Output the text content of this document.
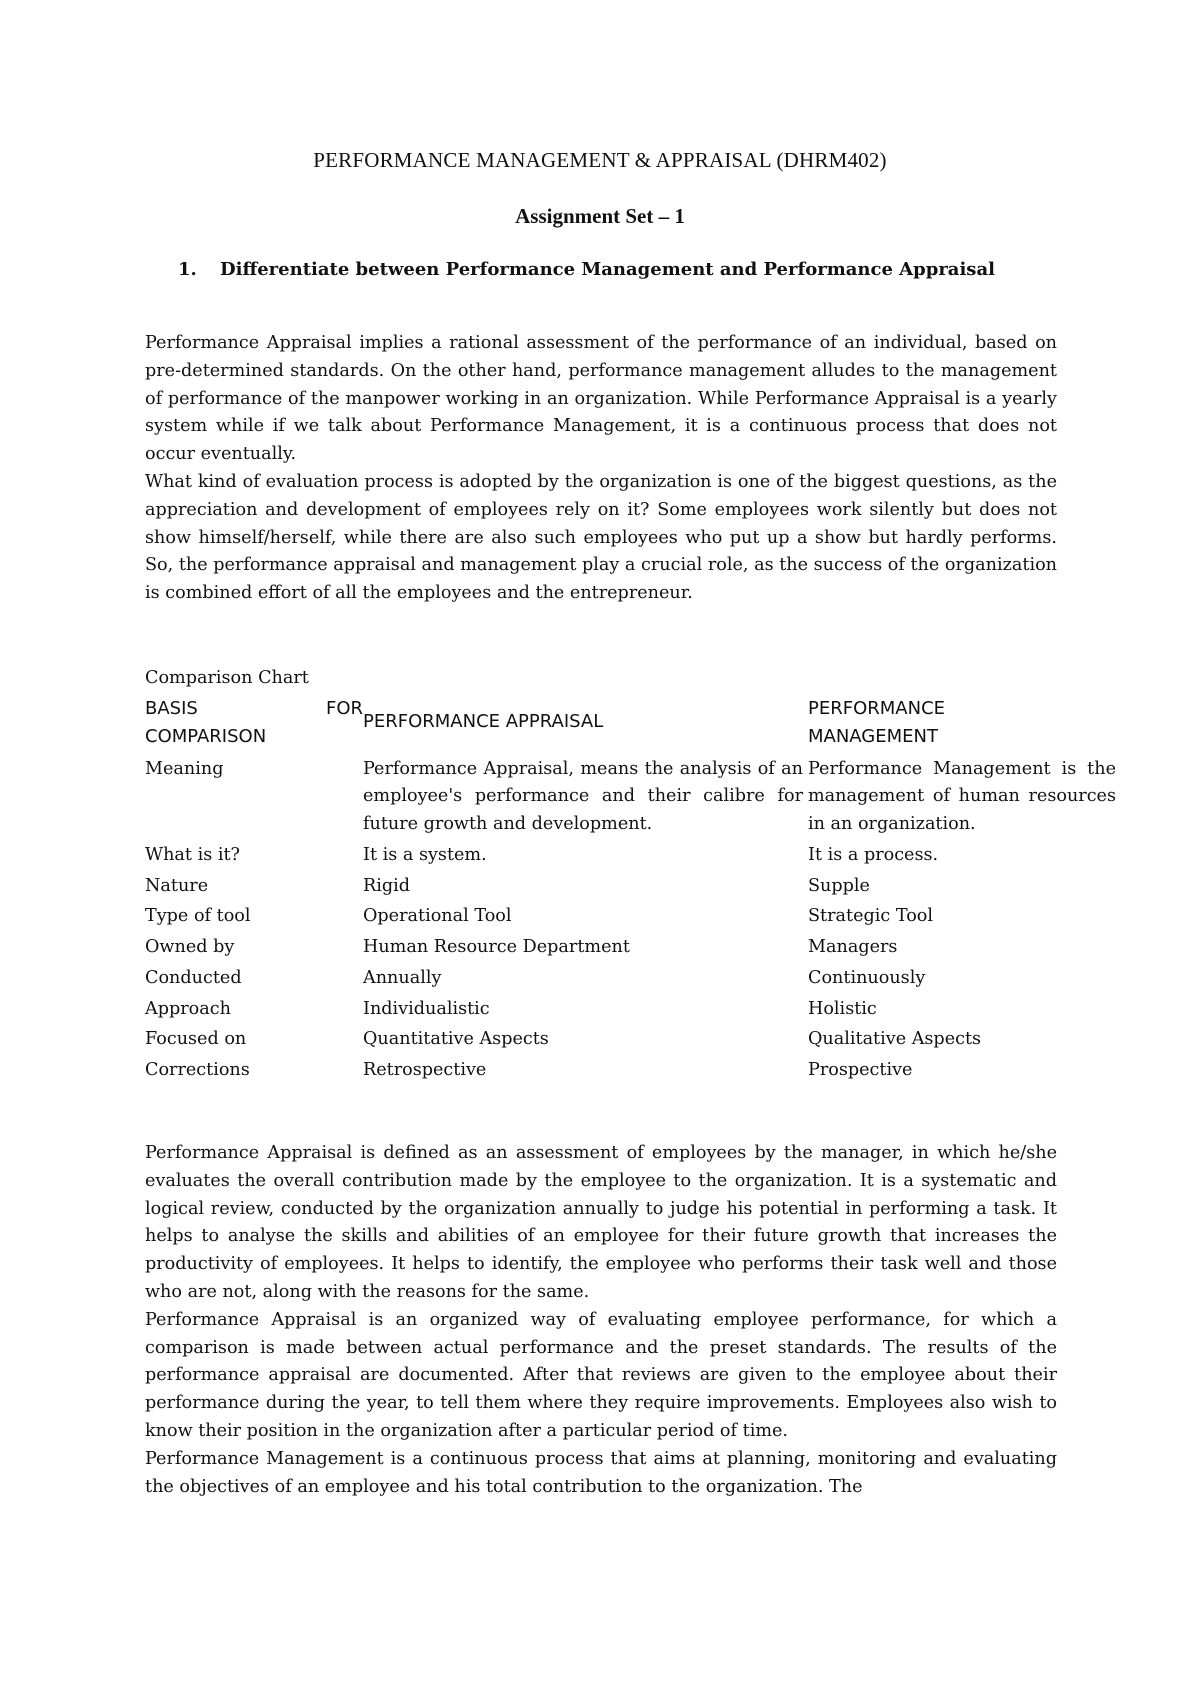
PERFORMANCE MANAGEMENT & APPRAISAL (DHRM402)
Assignment Set – 1
1. Differentiate between Performance Management and Performance Appraisal

Performance Appraisal implies a rational assessment of the performance of an individual, based on pre-determined standards. On the other hand, performance management alludes to the management of performance of the manpower working in an organization. While Performance Appraisal is a yearly system while if we talk about Performance Management, it is a continuous process that does not occur eventually.

What kind of evaluation process is adopted by the organization is one of the biggest questions, as the appreciation and development of employees rely on it? Some employees work silently but does not show himself/herself, while there are also such employees who put up a show but hardly performs. So, the performance appraisal and management play a crucial role, as the success of the organization is combined effort of all the employees and the entrepreneur.

Comparison Chart
BASIS FOR
COMPARISON	PERFORMANCE APPRAISAL	PERFORMANCE MANAGEMENT

Meaning	Performance Appraisal, means the analysis of an employee's performance and their calibre for future growth and development.	Performance Management is the management of human resources in an organization.

What is it?	It is a system.	It is a process.
Nature	Rigid	Supple
Type of tool	Operational Tool	Strategic Tool
Owned by	Human Resource Department	Managers
Conducted	Annually	Continuously
Approach	Individualistic	Holistic
Focused on	Quantitative Aspects	Qualitative Aspects
Corrections	Retrospective	Prospective

Performance Appraisal is defined as an assessment of employees by the manager, in which he/she evaluates the overall contribution made by the employee to the organization. It is a systematic and logical review, conducted by the organization annually to judge his potential in performing a task. It helps to analyse the skills and abilities of an employee for their future growth that increases the productivity of employees. It helps to identify, the employee who performs their task well and those who are not, along with the reasons for the same.

Performance Appraisal is an organized way of evaluating employee performance, for which a comparison is made between actual performance and the preset standards. The results of the performance appraisal are documented. After that reviews are given to the employee about their performance during the year, to tell them where they require improvements. Employees also wish to know their position in the organization after a particular period of time.

Performance Management is a continuous process that aims at planning, monitoring and evaluating the objectives of an employee and his total contribution to the organization. The
